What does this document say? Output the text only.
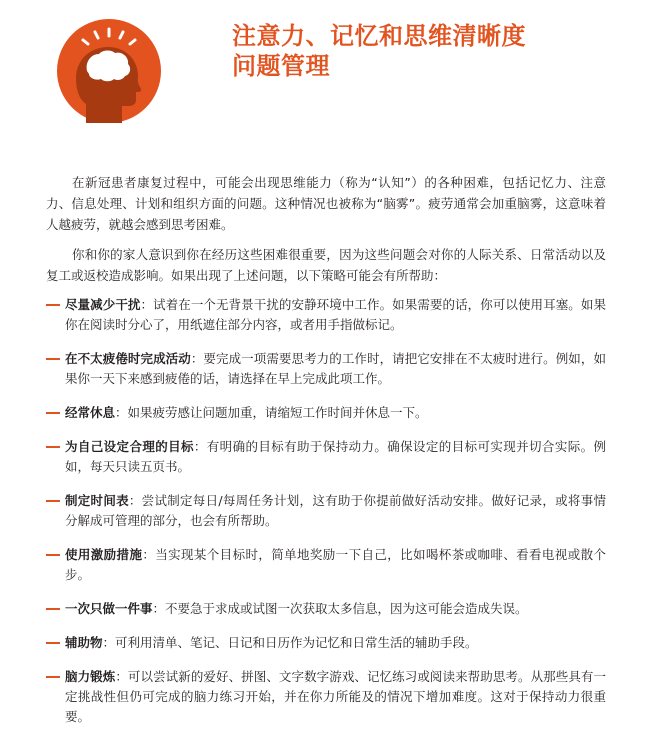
注意力、记忆和思维清晰度
问题管理

在新冠患者康复过程中，可能会出现思维能力（称为“认知”）的各种困难，包括记忆力、注意力、信息处理、计划和组织方面的问题。这种情况也被称为“脑雾”。疲劳通常会加重脑雾，这意味着人越疲劳，就越会感到思考困难。

你和你的家人意识到你在经历这些困难很重要，因为这些问题会对你的人际关系、日常活动以及复工或返校造成影响。如果出现了上述问题，以下策略可能会有所帮助：

尽量减少干扰：试着在一个无背景干扰的安静环境中工作。如果需要的话，你可以使用耳塞。如果你在阅读时分心了，用纸遮住部分内容，或者用手指做标记。
在不太疲倦时完成活动：要完成一项需要思考力的工作时，请把它安排在不太疲时进行。例如，如果你一天下来感到疲倦的话，请选择在早上完成此项工作。
经常休息：如果疲劳感让问题加重，请缩短工作时间并休息一下。
为自己设定合理的目标：有明确的目标有助于保持动力。确保设定的目标可实现并切合实际。例如，每天只读五页书。
制定时间表：尝试制定每日/每周任务计划，这有助于你提前做好活动安排。做好记录，或将事情分解成可管理的部分，也会有所帮助。
使用激励措施：当实现某个目标时，简单地奖励一下自己，比如喝杯茶或咖啡、看看电视或散个步。
一次只做一件事：不要急于求成或试图一次获取太多信息，因为这可能会造成失误。
辅助物：可利用清单、笔记、日记和日历作为记忆和日常生活的辅助手段。
脑力锻炼：可以尝试新的爱好、拼图、文字数字游戏、记忆练习或阅读来帮助思考。从那些具有一定挑战性但仍可完成的脑力练习开始，并在你力所能及的情况下增加难度。这对于保持动力很重要。
